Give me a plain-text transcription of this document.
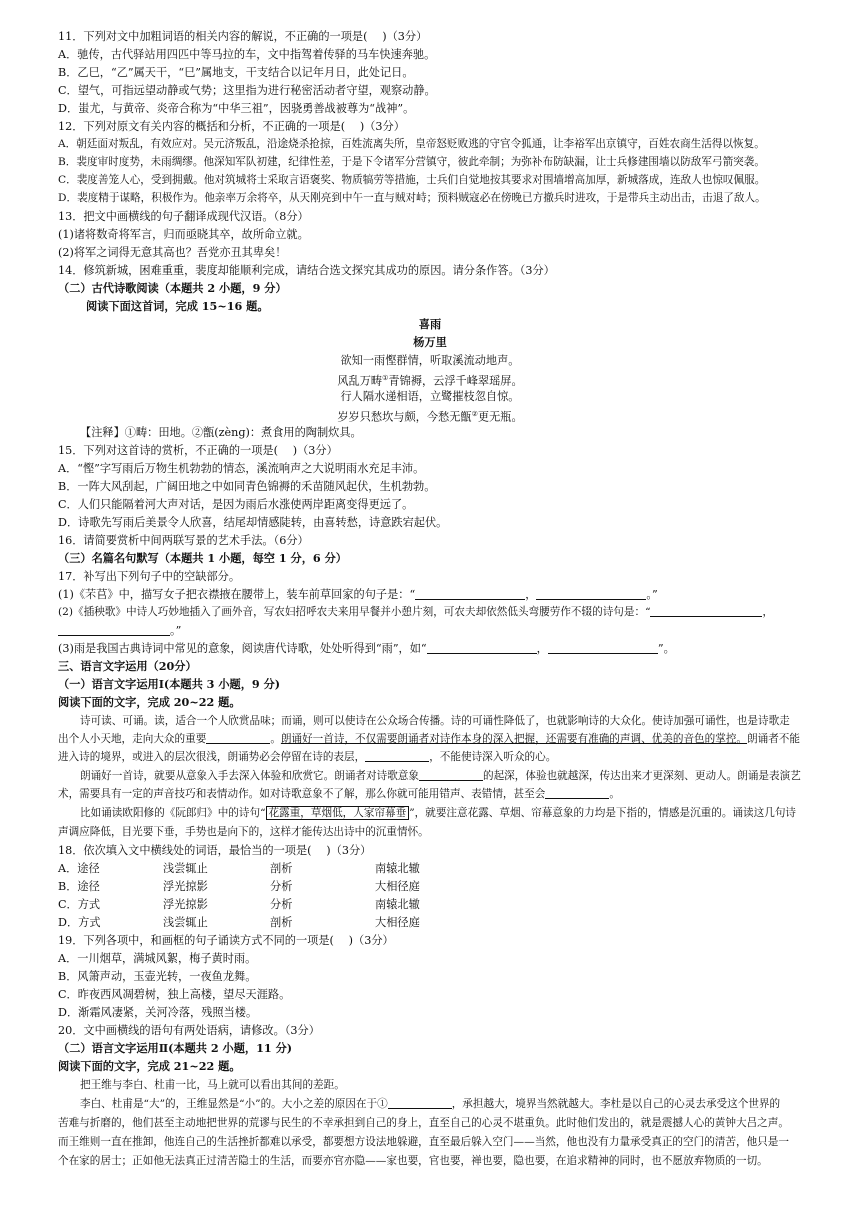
11．下列对文中加粗词语的相关内容的解说，不正确的一项是(　 )（3分）
A．驰传，古代驿站用四匹中等马拉的车，文中指驾着传驿的马车快速奔驰。
B．乙巳，“乙”属天干，“巳”属地支，干支结合以记年月日，此处记日。
C．望气，可指远望动静或气势；这里指为进行秘密活动者守望，观察动静。
D．蚩尤，与黄帝、炎帝合称为“中华三祖”，因骁勇善战被尊为“战神”。
12．下列对原文有关内容的概括和分析，不正确的一项是(　 )（3分）
A．朝廷面对叛乱，有效应对。吴元济叛乱，沿途烧杀抢掠，百姓流离失所，皇帝怒贬败逃的守官令狐通，让李裕军出京镇守，百姓农商生活得以恢复。
B．裴度审时度势，未雨绸缪。他深知军队初建，纪律性差，于是下令诸军分营镇守，彼此牵制；为弥补布防缺漏，让士兵修建围墙以防敌军弓箭突袭。
C．裴度善笼人心，受到拥戴。他对筑城将士采取言语褒奖、物质犒劳等措施，士兵们自觉地按其要求对围墙增高加厚，新城落成，连敌人也惊叹佩服。
D．裴度精于谋略，积极作为。他亲率万余将卒，从天刚亮到中午一直与贼对峙；预料贼寇必在傍晚已方撤兵时进攻，于是带兵主动出击，击退了敌人。
13．把文中画横线的句子翻译成现代汉语。（8分）
(1)诸将数奇将军言，归而亟晓其卒，故所命立就。
(2)将军之词得无意其高也？吾党亦丑其卑矣！
14．修筑新城，困难重重，裴度却能顺利完成，请结合选文探究其成功的原因。请分条作答。（3分）
（二）古代诗歌阅读（本题共 2 小题，9 分）
阅读下面这首词，完成 15~16 题。
喜雨
杨万里
欲知一雨慳群情，听取溪流动地声。
风乱万畴①青锦褥，云浮千峰翠瑶屏。
行人隔水递相语，立鹭摧枝忽自惊。
岁岁只愁坎与颇，今愁无甑②更无瓶。
【注释】①畴：田地。②甑(zènɡ)：煮食用的陶制炊具。
15．下列对这首诗的赏析，不正确的一项是(　 )（3分）
A．“慳”字写雨后万物生机勃勃的情态，溪流响声之大说明雨水充足丰沛。
B．一阵大风刮起，广阔田地之中如同青色锦褥的禾苗随风起伏，生机勃勃。
C．人们只能隔着河大声对话，是因为雨后水涨使两岸距离变得更远了。
D．诗歌先写雨后美景令人欣喜，结尾却情感陡转，由喜转愁，诗意跌宕起伏。
16．请简要赏析中间两联写景的艺术手法。（6分）
（三）名篇名句默写（本题共 1 小题，每空 1 分，6 分）
17．补写出下列句子中的空缺部分。
(1)《芣苢》中，描写女子把衣襟掖在腰带上，装车前草回家的句子是：“	，	。”
(2)《插秧歌》中诗人巧妙地插入了画外音，写农妇招呼农夫来用早餐并小憩片刻，可农夫却依然低头弯腰劳作不辍的诗句是：“	，
。”
(3)雨是我国古典诗词中常见的意象，阅读唐代诗歌，处处听得到“雨”，如“	，	”。
三、语言文字运用（20分）
（一）语言文字运用Ⅰ(本题共 3 小题，9 分)
阅读下面的文字，完成 20~22 题。
诗可读、可诵。读，适合一个人欣赏品味；而诵，则可以使诗在公众场合传播。诗的可诵性降低了，也就影响诗的大众化。使诗加强可诵性，也是诗歌走
出个人小天地，走向大众的重要	。朗诵好一首诗，不仅需要朗诵者对诗作本身的深入把握，还需要有准确的声调、优美的音色的掌控。朗诵者不能
进入诗的境界，或进入的层次很浅，朗诵势必会停留在诗的表层，	，不能使诗深入听众的心。
朗诵好一首诗，就要从意象入手去深入体验和欣赏它。朗诵者对诗歌意象	的起深，体验也就越深，传达出来才更深刻、更动人。朗诵是表演艺
术，需要具有一定的声音技巧和表情动作。如对诗歌意象不了解，那么你就可能用错声、表错情，甚至会	。
比如诵读欧阳修的《阮郎归》中的诗句“ 花露重，草烟低，人家帘幕垂 ”，就要注意花露、草烟、帘幕意象的力均是下指的，情感是沉重的。诵读这几句诗
声调应降低，目光要下垂，手势也是向下的，这样才能传达出诗中的沉重情怀。
18．依次填入文中横线处的词语，最恰当的一项是(　 )（3分）
A．途径	浅尝辄止	剖析	南辕北辙
B．途径	浮光掠影	分析	大相径庭
C．方式	浮光掠影	分析	南辕北辙
D．方式	浅尝辄止	剖析	大相径庭
19．下列各项中，和画框的句子诵读方式不同的一项是(　 )（3分）
A．一川烟草，满城风絮，梅子黄时雨。
B．风箫声动，玉壶光转，一夜鱼龙舞。
C．昨夜西风凋碧树，独上高楼，望尽天涯路。
D．渐霜风凄紧，关河冷落，残照当楼。
20．文中画横线的语句有两处语病，请修改。（3分）
（二）语言文字运用Ⅱ(本题共 2 小题，11 分)
阅读下面的文字，完成 21~22 题。
把王维与李白、杜甫一比，马上就可以看出其间的差距。
李白、杜甫是“大”的，王维显然是“小”的。大小之差的原因在于①	，承担越大，境界当然就越大。李杜是以自己的心灵去承受这个世界的
苦难与折磨的，他们甚至主动地把世界的荒谬与民生的不幸承担到自己的身上，直至自己的心灵不堪重负。此时他们发出的，就是震撼人心的黄钟大吕之声。
而王维则一直在推卸，他连自己的生活挫折都难以承受，都要想方设法地躲避，直至最后躲入空门——当然，他也没有力量承受真正的空门的清苦，他只是一
个在家的居士；正如他无法真正过清苦隐士的生活，而要亦官亦隐——家也要，官也要，禅也要，隐也要，在追求精神的同时，也不愿放弃物质的一切。
